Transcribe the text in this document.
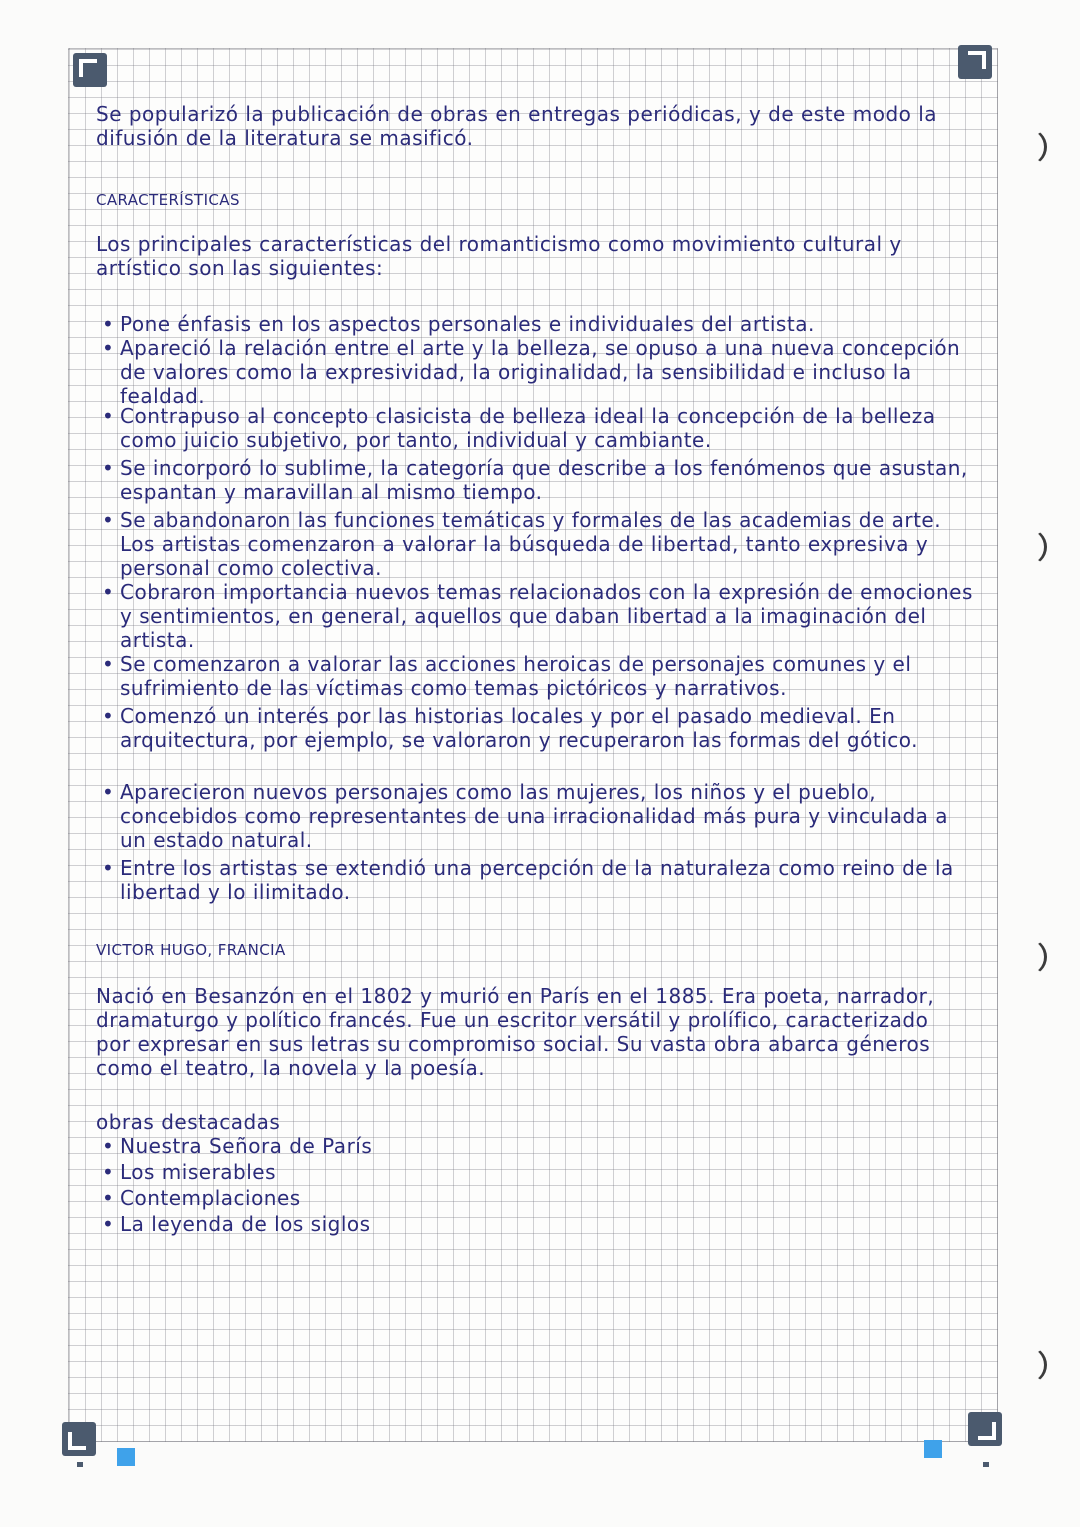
Se popularizó la publicación de obras en entregas periódicas, y de este modo la difusión de la literatura se masificó.
CARACTERÍSTICAS
Los principales características del romanticismo como movimiento cultural y artístico son las siguientes:
• Pone énfasis en los aspectos personales e individuales del artista.
• Apareció la relación entre el arte y la belleza, se opuso a una nueva concepción de valores como la expresividad, la originalidad, la sensibilidad e incluso la fealdad.
• Contrapuso al concepto clasicista de belleza ideal la concepción de la belleza como juicio subjetivo, por tanto, individual y cambiante.
• Se incorporó lo sublime, la categoría que describe a los fenómenos que asustan, espantan y maravillan al mismo tiempo.
• Se abandonaron las funciones temáticas y formales de las academias de arte. Los artistas comenzaron a valorar la búsqueda de libertad, tanto expresiva y personal como colectiva.
• Cobraron importancia nuevos temas relacionados con la expresión de emociones y sentimientos, en general, aquellos que daban libertad a la imaginación del artista.
• Se comenzaron a valorar las acciones heroicas de personajes comunes y el sufrimiento de las víctimas como temas pictóricos y narrativos.
• Comenzó un interés por las historias locales y por el pasado medieval. En arquitectura, por ejemplo, se valoraron y recuperaron las formas del gótico.
• Aparecieron nuevos personajes como las mujeres, los niños y el pueblo, concebidos como representantes de una irracionalidad más pura y vinculada a un estado natural.
• Entre los artistas se extendió una percepción de la naturaleza como reino de la libertad y lo ilimitado.
VICTOR HUGO, FRANCIA
Nació en Besanzón en el 1802 y murió en París en el 1885. Era poeta, narrador, dramaturgo y político francés. Fue un escritor versátil y prolífico, caracterizado por expresar en sus letras su compromiso social. Su vasta obra abarca géneros como el teatro, la novela y la poesía.
obras destacadas
• Nuestra Señora de París
• Los miserables
• Contemplaciones
• La leyenda de los siglos
